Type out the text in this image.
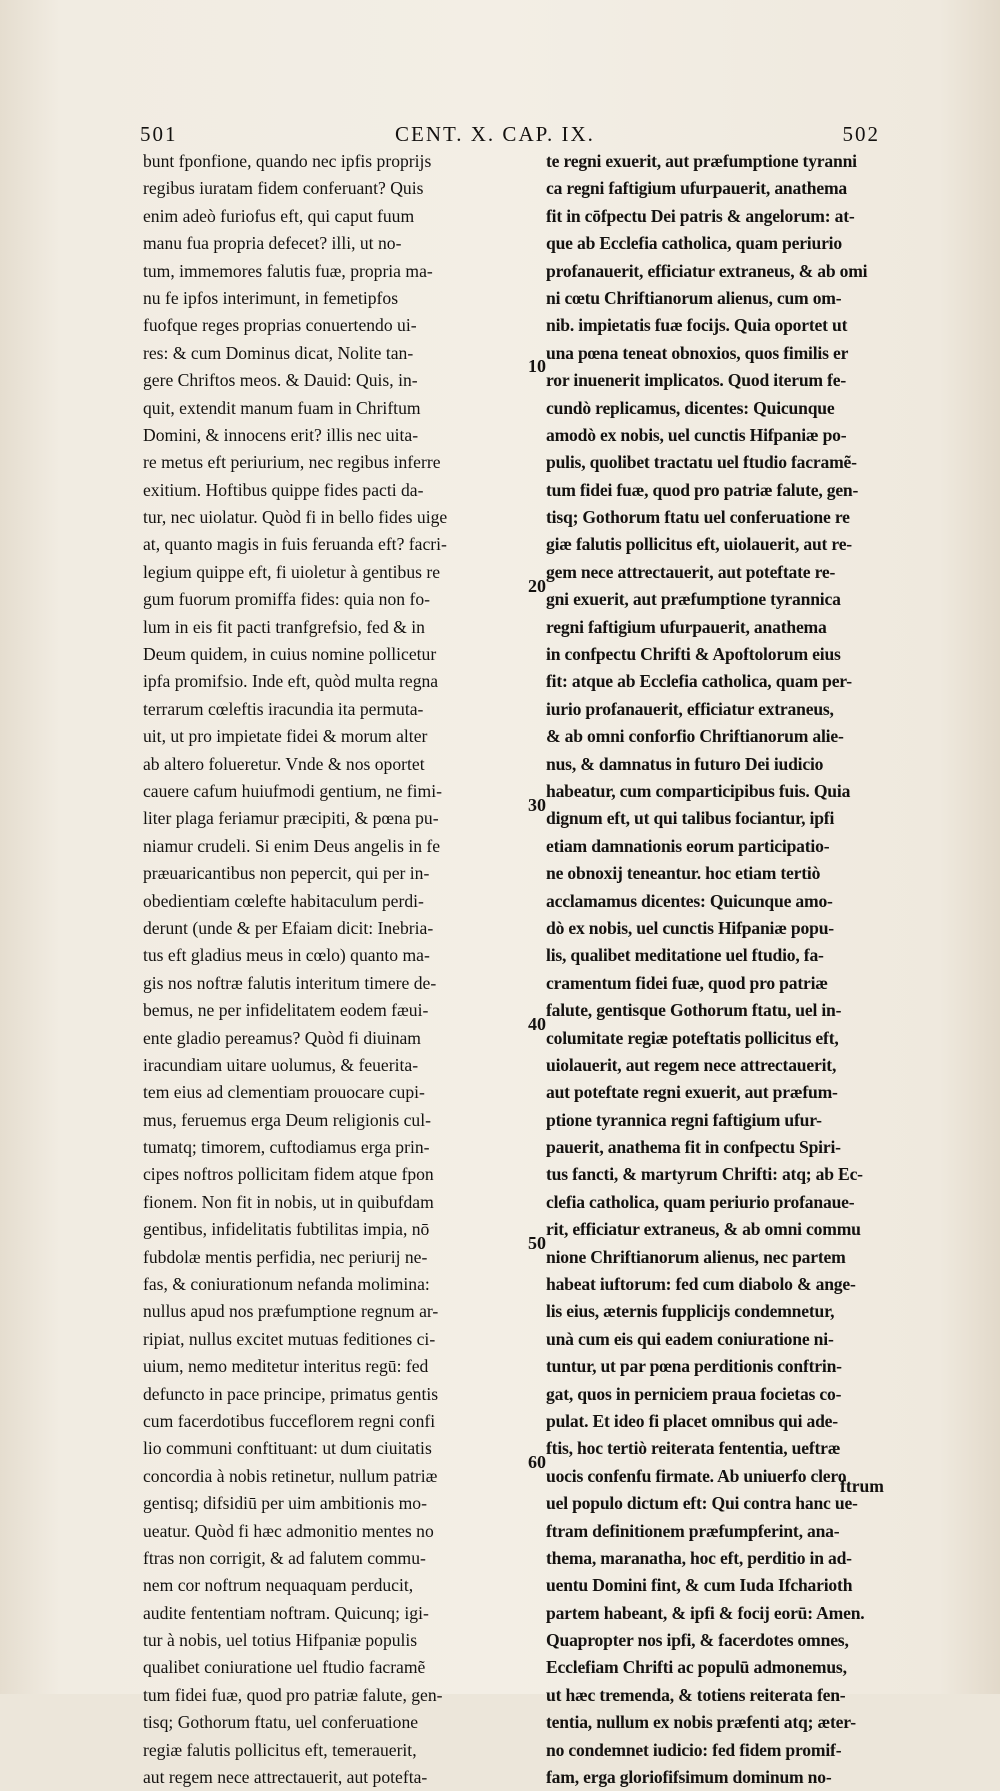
501	CENT. X. CAP. IX.	502
bunt fponfione, quando nec ipfis proprijs
regibus iuratam fidem conferuant? Quis
enim adeò furiofus eft, qui caput fuum
manu fua propria defecet? illi, ut no-
tum, immemores falutis fuæ, propria ma-
nu fe ipfos interimunt, in femetipfos
fuofque reges proprias conuertendo ui-
res: & cum Dominus dicat, Nolite tan-
gere Chriftos meos. & Dauid: Quis, in-
quit, extendit manum fuam in Chriftum
Domini, & innocens erit? illis nec uita-
re metus eft periurium, nec regibus inferre
exitium. Hoftibus quippe fides pacti da-
tur, nec uiolatur. Quòd fi in bello fides uige
at, quanto magis in fuis feruanda eft? facri-
legium quippe eft, fi uioletur à gentibus re
gum fuorum promiffa fides: quia non fo-
lum in eis fit pacti tranfgrefsio, fed & in
Deum quidem, in cuius nomine pollicetur
ipfa promifsio. Inde eft, quòd multa regna
terrarum cœleftis iracundia ita permuta-
uit, ut pro impietate fidei & morum alter
ab altero folueretur. Vnde & nos oportet
cauere cafum huiufmodi gentium, ne fimi-
liter plaga feriamur præcipiti, & pœna pu-
niamur crudeli. Si enim Deus angelis in fe
præuaricantibus non pepercit, qui per in-
obedientiam cœlefte habitaculum perdi-
derunt (unde & per Efaiam dicit: Inebria-
tus eft gladius meus in cœlo) quanto ma-
gis nos noftræ falutis interitum timere de-
bemus, ne per infidelitatem eodem fæui-
ente gladio pereamus? Quòd fi diuinam
iracundiam uitare uolumus, & feuerita-
tem eius ad clementiam prouocare cupi-
mus, feruemus erga Deum religionis cul-
tumatq; timorem, cuftodiamus erga prin-
cipes noftros pollicitam fidem atque fpon
fionem. Non fit in nobis, ut in quibufdam
gentibus, infidelitatis fubtilitas impia, nō
fubdolæ mentis perfidia, nec periurij ne-
fas, & coniurationum nefanda molimina:
nullus apud nos præfumptione regnum ar-
ripiat, nullus excitet mutuas feditiones ci-
uium, nemo meditetur interitus regū: fed
defuncto in pace principe, primatus gentis
cum facerdotibus fucceflorem regni confi
lio communi conftituant: ut dum ciuitatis
concordia à nobis retinetur, nullum patriæ
gentisq; difsidiū per uim ambitionis mo-
ueatur. Quòd fi hæc admonitio mentes no
ftras non corrigit, & ad falutem commu-
nem cor noftrum nequaquam perducit,
audite fententiam noftram. Quicunq; igi-
tur à nobis, uel totius Hifpaniæ populis
qualibet coniuratione uel ftudio facramẽ
tum fidei fuæ, quod pro patriæ falute, gen-
tisq; Gothorum ftatu, uel conferuatione
regiæ falutis pollicitus eft, temerauerit,
aut regem nece attrectauerit, aut potefta-
te regni exuerit, aut præfumptione tyranni
ca regni faftigium ufurpauerit, anathema
fit in cōfpectu Dei patris & angelorum: at-
que ab Ecclefia catholica, quam periurio
profanauerit, efficiatur extraneus, & ab omi
ni cœtu Chriftianorum alienus, cum om-
nib. impietatis fuæ focijs. Quia oportet ut
una pœna teneat obnoxios, quos fimilis er
ror inuenerit implicatos. Quod iterum fe-
cundò replicamus, dicentes: Quicunque
amodò ex nobis, uel cunctis Hifpaniæ po-
pulis, quolibet tractatu uel ftudio facramẽ-
tum fidei fuæ, quod pro patriæ falute, gen-
tisq; Gothorum ftatu uel conferuatione re
giæ falutis pollicitus eft, uiolauerit, aut re-
gem nece attrectauerit, aut poteftate re-
gni exuerit, aut præfumptione tyrannica
regni faftigium ufurpauerit, anathema
in confpectu Chrifti & Apoftolorum eius
fit: atque ab Ecclefia catholica, quam per-
iurio profanauerit, efficiatur extraneus,
& ab omni conforfio Chriftianorum alie-
nus, & damnatus in futuro Dei iudicio
habeatur, cum comparticipibus fuis. Quia
dignum eft, ut qui talibus fociantur, ipfi
etiam damnationis eorum participatio-
ne obnoxij teneantur. hoc etiam tertiò
acclamamus dicentes: Quicunque amo-
dò ex nobis, uel cunctis Hifpaniæ popu-
lis, qualibet meditatione uel ftudio, fa-
cramentum fidei fuæ, quod pro patriæ
falute, gentisque Gothorum ftatu, uel in-
columitate regiæ poteftatis pollicitus eft,
uiolauerit, aut regem nece attrectauerit,
aut poteftate regni exuerit, aut præfum-
ptione tyrannica regni faftigium ufur-
pauerit, anathema fit in confpectu Spiri-
tus fancti, & martyrum Chrifti: atq; ab Ec-
clefia catholica, quam periurio profanaue-
rit, efficiatur extraneus, & ab omni commu
nione Chriftianorum alienus, nec partem
habeat iuftorum: fed cum diabolo & ange-
lis eius, æternis fupplicijs condemnetur,
unà cum eis qui eadem coniuratione ni-
tuntur, ut par pœna perditionis conftrin-
gat, quos in perniciem praua focietas co-
pulat. Et ideo fi placet omnibus qui ade-
ftis, hoc tertiò reiterata fententia, ueftræ
uocis confenfu firmate. Ab uniuerfo clero
uel populo dictum eft: Qui contra hanc ue-
ftram definitionem præfumpferint, ana-
thema, maranatha, hoc eft, perditio in ad-
uentu Domini fint, & cum Iuda Ifcharioth
partem habeant, & ipfi & focij eorū: Amen.
Quapropter nos ipfi, & facerdotes omnes,
Ecclefiam Chrifti ac populū admonemus,
ut hæc tremenda, & totiens reiterata fen-
tentia, nullum ex nobis præfenti atq; æter-
no condemnet iudicio: fed fidem promif-
fam, erga gloriofifsimum dominum no-
10
20
30
40
50
60
ftrum
